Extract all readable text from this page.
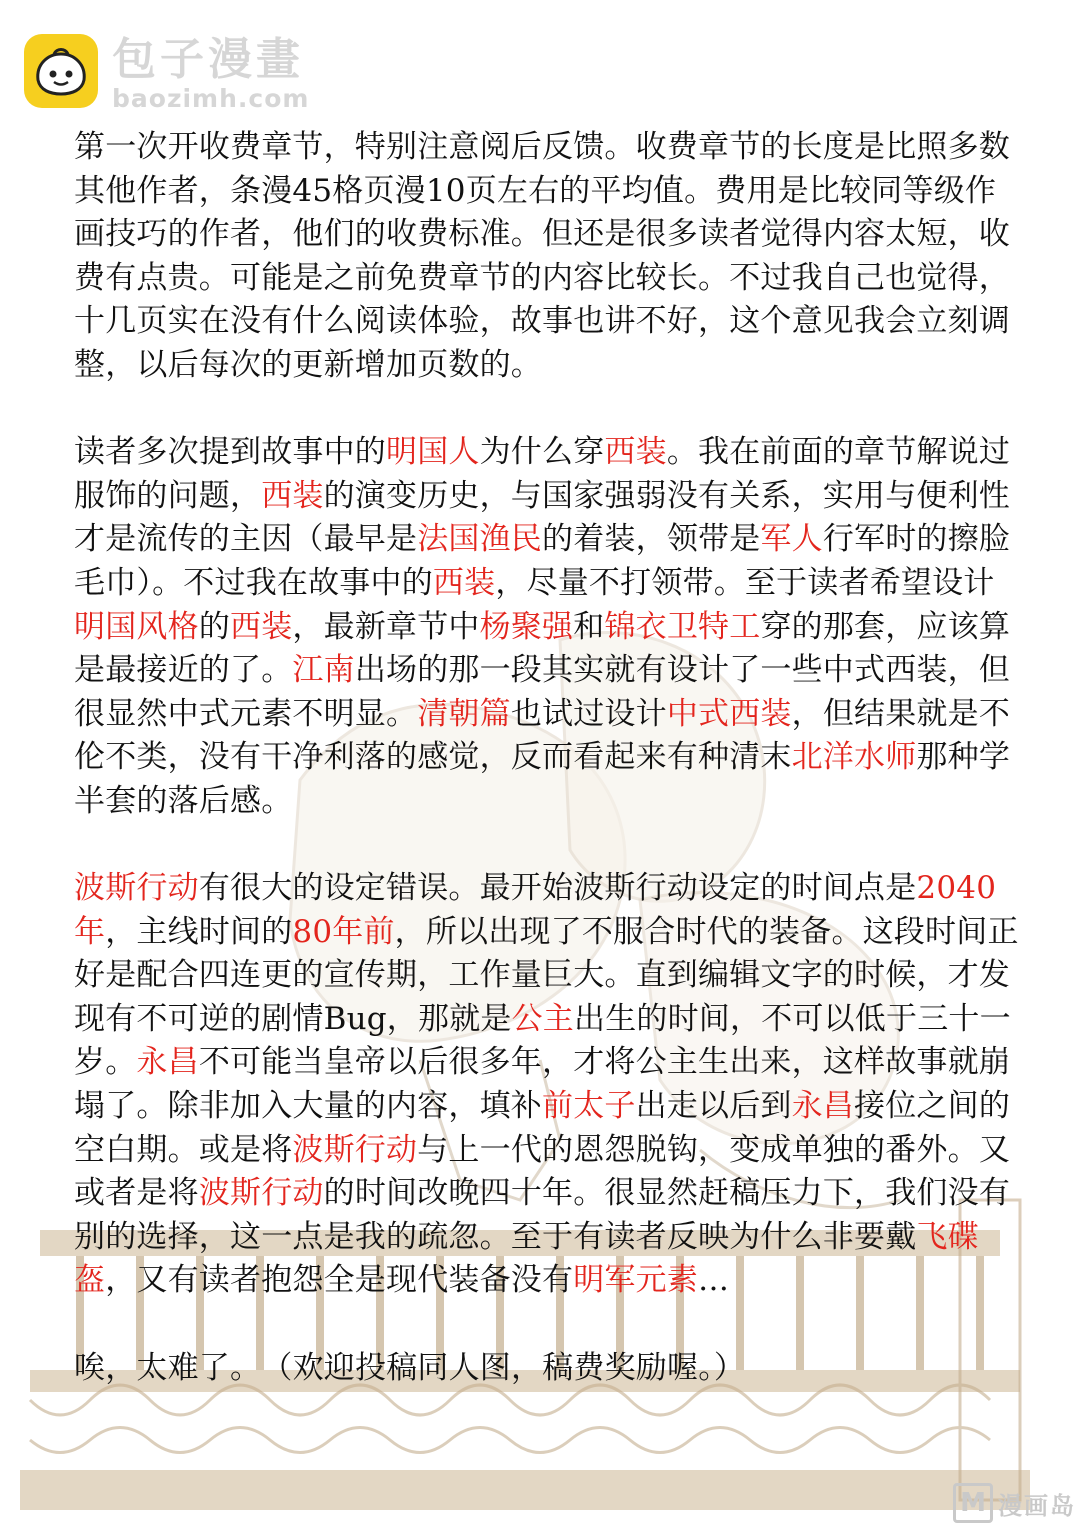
包子漫畫
baozimh.com

第一次开收费章节，特别注意阅后反馈。收费章节的长度是比照多数其他作者，条漫45格页漫10页左右的平均值。费用是比较同等级作画技巧的作者，他们的收费标准。但还是很多读者觉得内容太短，收费有点贵。可能是之前免费章节的内容比较长。不过我自己也觉得，十几页实在没有什么阅读体验，故事也讲不好，这个意见我会立刻调整，以后每次的更新增加页数的。

读者多次提到故事中的明国人为什么穿西装。我在前面的章节解说过服饰的问题，西装的演变历史，与国家强弱没有关系，实用与便利性才是流传的主因（最早是法国渔民的着装，领带是军人行军时的擦脸毛巾）。不过我在故事中的西装，尽量不打领带。至于读者希望设计明国风格的西装，最新章节中杨聚强和锦衣卫特工穿的那套，应该算是最接近的了。江南出场的那一段其实就有设计了一些中式西装，但很显然中式元素不明显。清朝篇也试过设计中式西装，但结果就是不伦不类，没有干净利落的感觉，反而看起来有种清末北洋水师那种学半套的落后感。

波斯行动有很大的设定错误。最开始波斯行动设定的时间点是2040年，主线时间的80年前，所以出现了不服合时代的装备。这段时间正好是配合四连更的宣传期，工作量巨大。直到编辑文字的时候，才发现有不可逆的剧情Bug，那就是公主出生的时间，不可以低于三十一岁。永昌不可能当皇帝以后很多年，才将公主生出来，这样故事就崩塌了。除非加入大量的内容，填补前太子出走以后到永昌接位之间的空白期。或是将波斯行动与上一代的恩怨脱钩，变成单独的番外。又或者是将波斯行动的时间改晚四十年。很显然赶稿压力下，我们没有别的选择，这一点是我的疏忽。至于有读者反映为什么非要戴飞碟盔，又有读者抱怨全是现代装备没有明军元素…

唉，太难了。　（欢迎投稿同人图，稿费奖励喔。）

M 漫画岛
